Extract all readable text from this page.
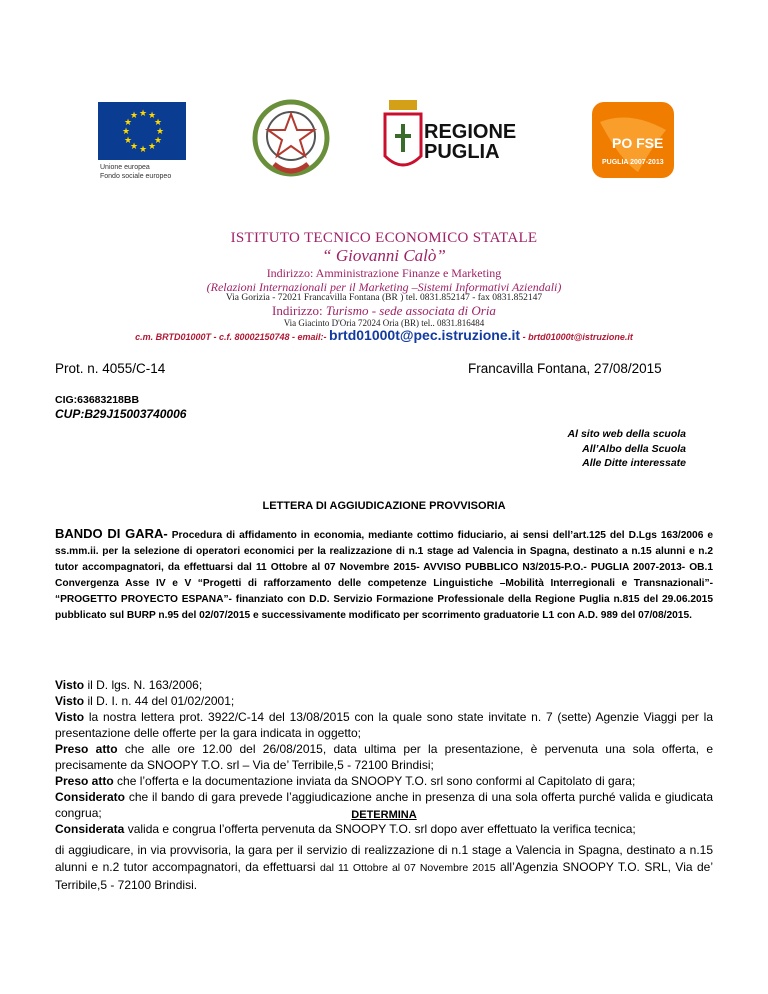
★ ★
★
★
★
★
★
★
★
★
★
★
Unione europea
Fondo sociale europeo
REGIONE
PUGLIA	PO FSE
PUGLIA 2007-2013
ISTITUTO TECNICO ECONOMICO STATALE
“ Giovanni Calò”
Indirizzo: Amministrazione Finanze e Marketing
(Relazioni Internazionali per il Marketing –Sistemi Informativi Aziendali)
Via Gorizia - 72021 Francavilla Fontana (BR ) tel. 0831.852147 - fax 0831.852147
Indirizzo: Turismo - sede associata di Oria
Via Giacinto D'Oria 72024 Oria (BR) tel.. 0831.816484
c.m. BRTD01000T - c.f. 80002150748 - email:- brtd01000t@pec.istruzione.it - brtd01000t@istruzione.it
Prot. n. 4055/C-14	Francavilla Fontana, 27/08/2015
CIG:63683218BB
CUP:B29J15003740006
Al sito web della scuola
All’Albo della Scuola
Alle Ditte interessate
LETTERA DI AGGIUDICAZIONE PROVVISORIA
BANDO DI GARA- Procedura di affidamento in economia, mediante cottimo fiduciario, ai sensi dell’art.125 del D.Lgs 163/2006 e ss.mm.ii. per la selezione di operatori economici per la realizzazione di n.1 stage ad Valencia in Spagna, destinato a n.15 alunni e n.2 tutor accompagnatori, da effettuarsi dal 11 Ottobre al 07 Novembre 2015- AVVISO PUBBLICO N3/2015-P.O.- PUGLIA 2007-2013- OB.1 Convergenza Asse IV e V “Progetti di rafforzamento delle competenze Linguistiche –Mobilità Interregionali e Transnazionali”- “PROGETTO PROYECTO ESPANA”- finanziato con D.D. Servizio Formazione Professionale della Regione Puglia n.815 del 29.06.2015 pubblicato sul BURP n.95 del 02/07/2015 e successivamente modificato per scorrimento graduatorie L1 con A.D. 989 del 07/08/2015.
Visto il D. lgs. N. 163/2006;
Visto il D. I. n. 44 del 01/02/2001;
Visto la nostra lettera prot. 3922/C-14 del 13/08/2015 con la quale sono state invitate n. 7 (sette) Agenzie Viaggi per la presentazione delle offerte per la gara indicata in oggetto;
Preso atto che alle ore 12.00 del 26/08/2015, data ultima per la presentazione, è pervenuta una sola offerta, e precisamente da SNOOPY T.O. srl – Via de’ Terribile,5 - 72100 Brindisi;
Preso atto che l’offerta e la documentazione inviata da SNOOPY T.O. srl sono conformi al Capitolato di gara;
Considerato che il bando di gara prevede l’aggiudicazione anche in presenza di una sola offerta purché valida e giudicata congrua;
Considerata valida e congrua l’offerta pervenuta da SNOOPY T.O. srl dopo aver effettuato la verifica tecnica;
DETERMINA
di aggiudicare, in via provvisoria, la gara per il servizio di realizzazione di n.1 stage a Valencia in Spagna, destinato a n.15 alunni e n.2 tutor accompagnatori, da effettuarsi dal 11 Ottobre al 07 Novembre 2015 all’Agenzia SNOOPY T.O. SRL, Via de’ Terribile,5 - 72100 Brindisi.
